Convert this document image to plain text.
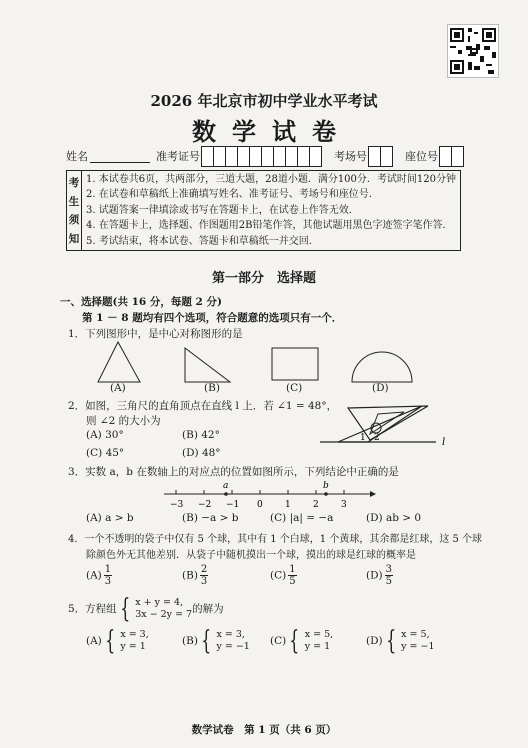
2026 年北京市初中学业水平考试
数学试卷
姓名	准考证号	考场号	座位号
考
生
须
知
1. 本试卷共6页，共两部分，三道大题，28道小题．满分100分．考试时间120分钟
2. 在试卷和草稿纸上准确填写姓名、准考证号、考场号和座位号．
3. 试题答案一律填涂或书写在答题卡上，在试卷上作答无效．
4. 在答题卡上，选择题、作图题用2B铅笔作答，其他试题用黑色字迹签字笔作答．
5. 考试结束，将本试卷、答题卡和草稿纸一并交回．
第一部分　选择题
一、选择题(共 16 分，每题 2 分)
第 1 － 8 题均有四个选项，符合题意的选项只有一个．
1．下列图形中，是中心对称图形的是
(A)	(B)	(C)	(D)
2．如图，三角尺的直角顶点在直线 l 上．若 ∠1 = 48°，
则 ∠2 的大小为
(A) 30°	(B) 42°
(C) 45°	(D) 48°
1 2	l
3．实数 a，b 在数轴上的对应点的位置如图所示，下列结论中正确的是
a	b
−3 −2 −1 0 1 2 3
(A) a > b	(B) −a > b	(C) |a| = −a	(D) ab > 0
4．一个不透明的袋子中仅有 5 个球，其中有 1 个白球，1 个黄球，其余都是红球，这 5 个球
除颜色外无其他差别．从袋子中随机摸出一个球，摸出的球是红球的概率是
$(A) \frac{1}{3}$	$(B) \frac{2}{3}$	$(C) \frac{1}{5}$	$(D) \frac{3}{5}$
5．方程组 { x + y = 4,
3x − 2y = 7 的解为
(A) { x = 3,
y = 1	(B) { x = 3,
y = −1 (C) { x = 5,
y = 1	(D) { x = 5,
y = −1
数学试卷　第 1 页（共 6 页）
